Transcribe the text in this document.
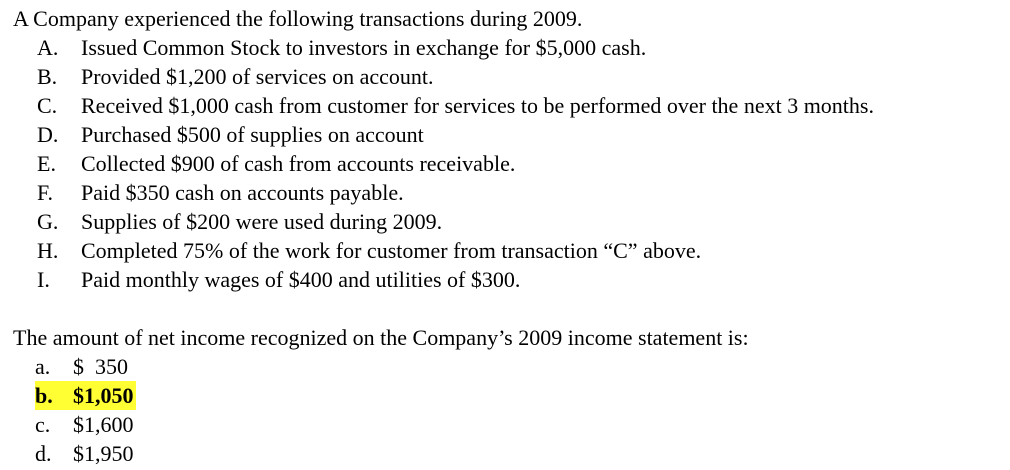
A Company experienced the following transactions during 2009.

A.	Issued Common Stock to investors in exchange for $5,000 cash.
B.	Provided $1,200 of services on account.
C.	Received $1,000 cash from customer for services to be performed over the next 3 months.
D.	Purchased $500 of supplies on account
E.	Collected $900 of cash from accounts receivable.
F.	Paid $350 cash on accounts payable.
G.	Supplies of $200 were used during 2009.
H.	Completed 75% of the work for customer from transaction “C” above.
I.	Paid monthly wages of $400 and utilities of $300.

The amount of net income recognized on the Company’s 2009 income statement is:

a. $  350
b. $1,050
c. $1,600
d. $1,950
